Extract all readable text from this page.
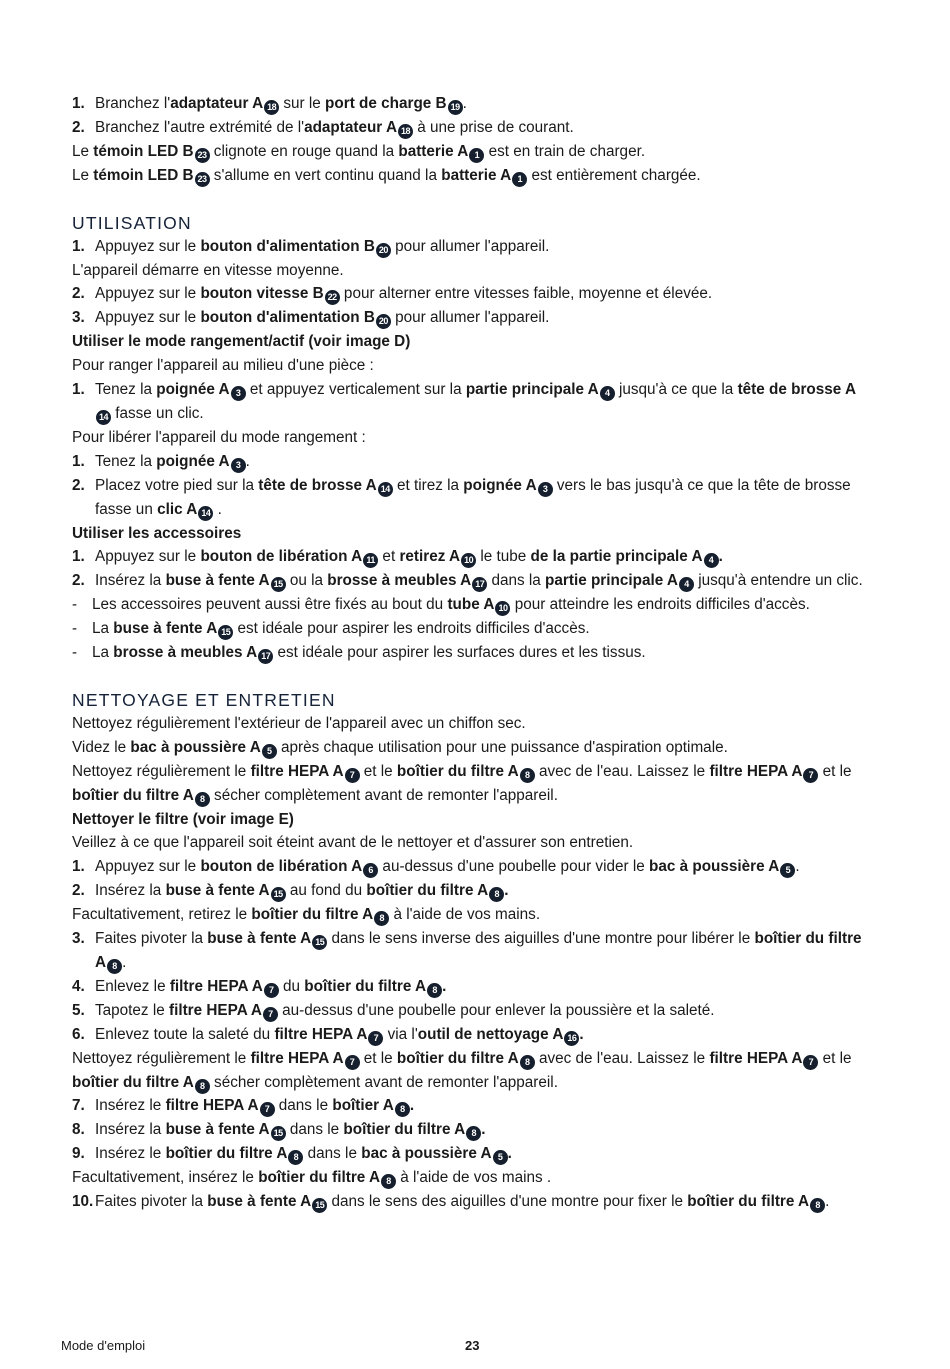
1. Branchez l'adaptateur A 18 sur le port de charge B 19 .
2. Branchez l'autre extrémité de l'adaptateur A 18 à une prise de courant.
Le témoin LED B 23 clignote en rouge quand la batterie A 1 est en train de charger.
Le témoin LED B 23 s'allume en vert continu quand la batterie A 1 est entièrement chargée.
UTILISATION
1. Appuyez sur le bouton d'alimentation B 20 pour allumer l'appareil.
L'appareil démarre en vitesse moyenne.
2. Appuyez sur le bouton vitesse B 22 pour alterner entre vitesses faible, moyenne et élevée.
3. Appuyez sur le bouton d'alimentation B 20 pour allumer l'appareil.
Utiliser le mode rangement/actif (voir image D)
Pour ranger l'appareil au milieu d'une pièce :
1. Tenez la poignée A 3 et appuyez verticalement sur la partie principale A 4 jusqu'à ce que la tête de brosse A14 fasse un clic.
Pour libérer l'appareil du mode rangement :
1. Tenez la poignée A 3 .
2. Placez votre pied sur la tête de brosse A 14 et tirez la poignée A 3 vers le bas jusqu'à ce que la tête de brosse fasse un clic A 14 .
Utiliser les accessoires
1. Appuyez sur le bouton de libération A 11 et retirez A 10 le tube de la partie principale A 4 .
2. Insérez la buse à fente A 15 ou la brosse à meubles A 17 dans la partie principale A 4 jusqu'à entendre un clic.
- Les accessoires peuvent aussi être fixés au bout du tube A 10 pour atteindre les endroits difficiles d'accès.
- La buse à fente A 15 est idéale pour aspirer les endroits difficiles d'accès.
- La brosse à meubles A 17 est idéale pour aspirer les surfaces dures et les tissus.
NETTOYAGE ET ENTRETIEN
Nettoyez régulièrement l'extérieur de l'appareil avec un chiffon sec.
Videz le bac à poussière A 5 après chaque utilisation pour une puissance d'aspiration optimale.
Nettoyez régulièrement le filtre HEPA A 7 et le boîtier du filtre A 8 avec de l'eau. Laissez le filtre HEPA A 7 et le boîtier du filtre A 8 sécher complètement avant de remonter l'appareil.
Nettoyer le filtre (voir image E)
Veillez à ce que l'appareil soit éteint avant de le nettoyer et d'assurer son entretien.
1. Appuyez sur le bouton de libération A 6 au-dessus d'une poubelle pour vider le bac à poussière A 5 .
2. Insérez la buse à fente A 15 au fond du boîtier du filtre A 8 .
Facultativement, retirez le boîtier du filtre A 8 à l'aide de vos mains.
3. Faites pivoter la buse à fente A 15 dans le sens inverse des aiguilles d'une montre pour libérer le boîtier du filtre A 8 .
4. Enlevez le filtre HEPA A 7 du boîtier du filtre A 8 .
5. Tapotez le filtre HEPA A 7 au-dessus d'une poubelle pour enlever la poussière et la saleté.
6. Enlevez toute la saleté du filtre HEPA A 7 via l'outil de nettoyage A 16 .
Nettoyez régulièrement le filtre HEPA A 7 et le boîtier du filtre A 8 avec de l'eau. Laissez le filtre HEPA A 7 et le boîtier du filtre A 8 sécher complètement avant de remonter l'appareil.
7. Insérez le filtre HEPA A 7 dans le boîtier A 8 .
8. Insérez la buse à fente A 15 dans le boîtier du filtre A 8 .
9. Insérez le boîtier du filtre A 8 dans le bac à poussière A 5 .
Facultativement, insérez le boîtier du filtre A 8 à l'aide de vos mains .
10. Faites pivoter la buse à fente A 15 dans le sens des aiguilles d'une montre pour fixer le boîtier du filtre A 8 .
Mode d'emploi	23
